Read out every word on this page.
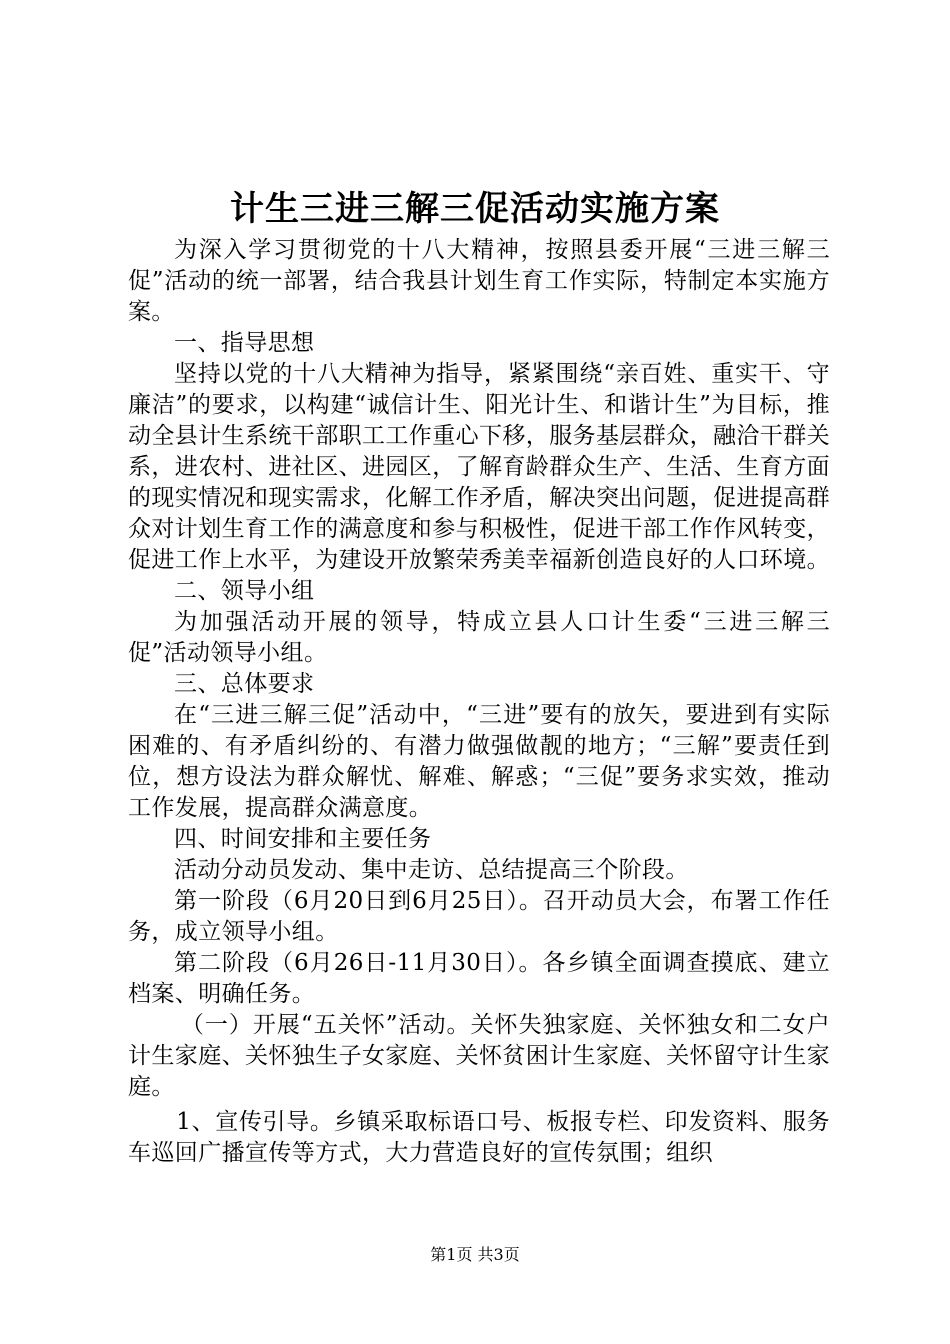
计生三进三解三促活动实施方案

为深入学习贯彻党的十八大精神，按照县委开展“三进三解三促”活动的统一部署，结合我县计划生育工作实际，特制定本实施方案。

一、指导思想

坚持以党的十八大精神为指导，紧紧围绕“亲百姓、重实干、守廉洁”的要求，以构建“诚信计生、阳光计生、和谐计生”为目标，推动全县计生系统干部职工工作重心下移，服务基层群众，融洽干群关系，进农村、进社区、进园区，了解育龄群众生产、生活、生育方面的现实情况和现实需求，化解工作矛盾，解决突出问题，促进提高群众对计划生育工作的满意度和参与积极性，促进干部工作作风转变，促进工作上水平，为建设开放繁荣秀美幸福新创造良好的人口环境。

二、领导小组

为加强活动开展的领导，特成立县人口计生委“三进三解三促”活动领导小组。

三、总体要求

在“三进三解三促”活动中，“三进”要有的放矢，要进到有实际困难的、有矛盾纠纷的、有潜力做强做靓的地方；“三解”要责任到位，想方设法为群众解忧、解难、解惑；“三促”要务求实效，推动工作发展，提高群众满意度。

四、时间安排和主要任务

活动分动员发动、集中走访、总结提高三个阶段。

第一阶段（6月20日到6月25日）。召开动员大会，布署工作任务，成立领导小组。

第二阶段（6月26日-11月30日）。各乡镇全面调查摸底、建立档案、明确任务。

（一）开展“五关怀”活动。关怀失独家庭、关怀独女和二女户计生家庭、关怀独生子女家庭、关怀贫困计生家庭、关怀留守计生家庭。

1、宣传引导。乡镇采取标语口号、板报专栏、印发资料、服务车巡回广播宣传等方式，大力营造良好的宣传氛围；组织

第1页 共3页
